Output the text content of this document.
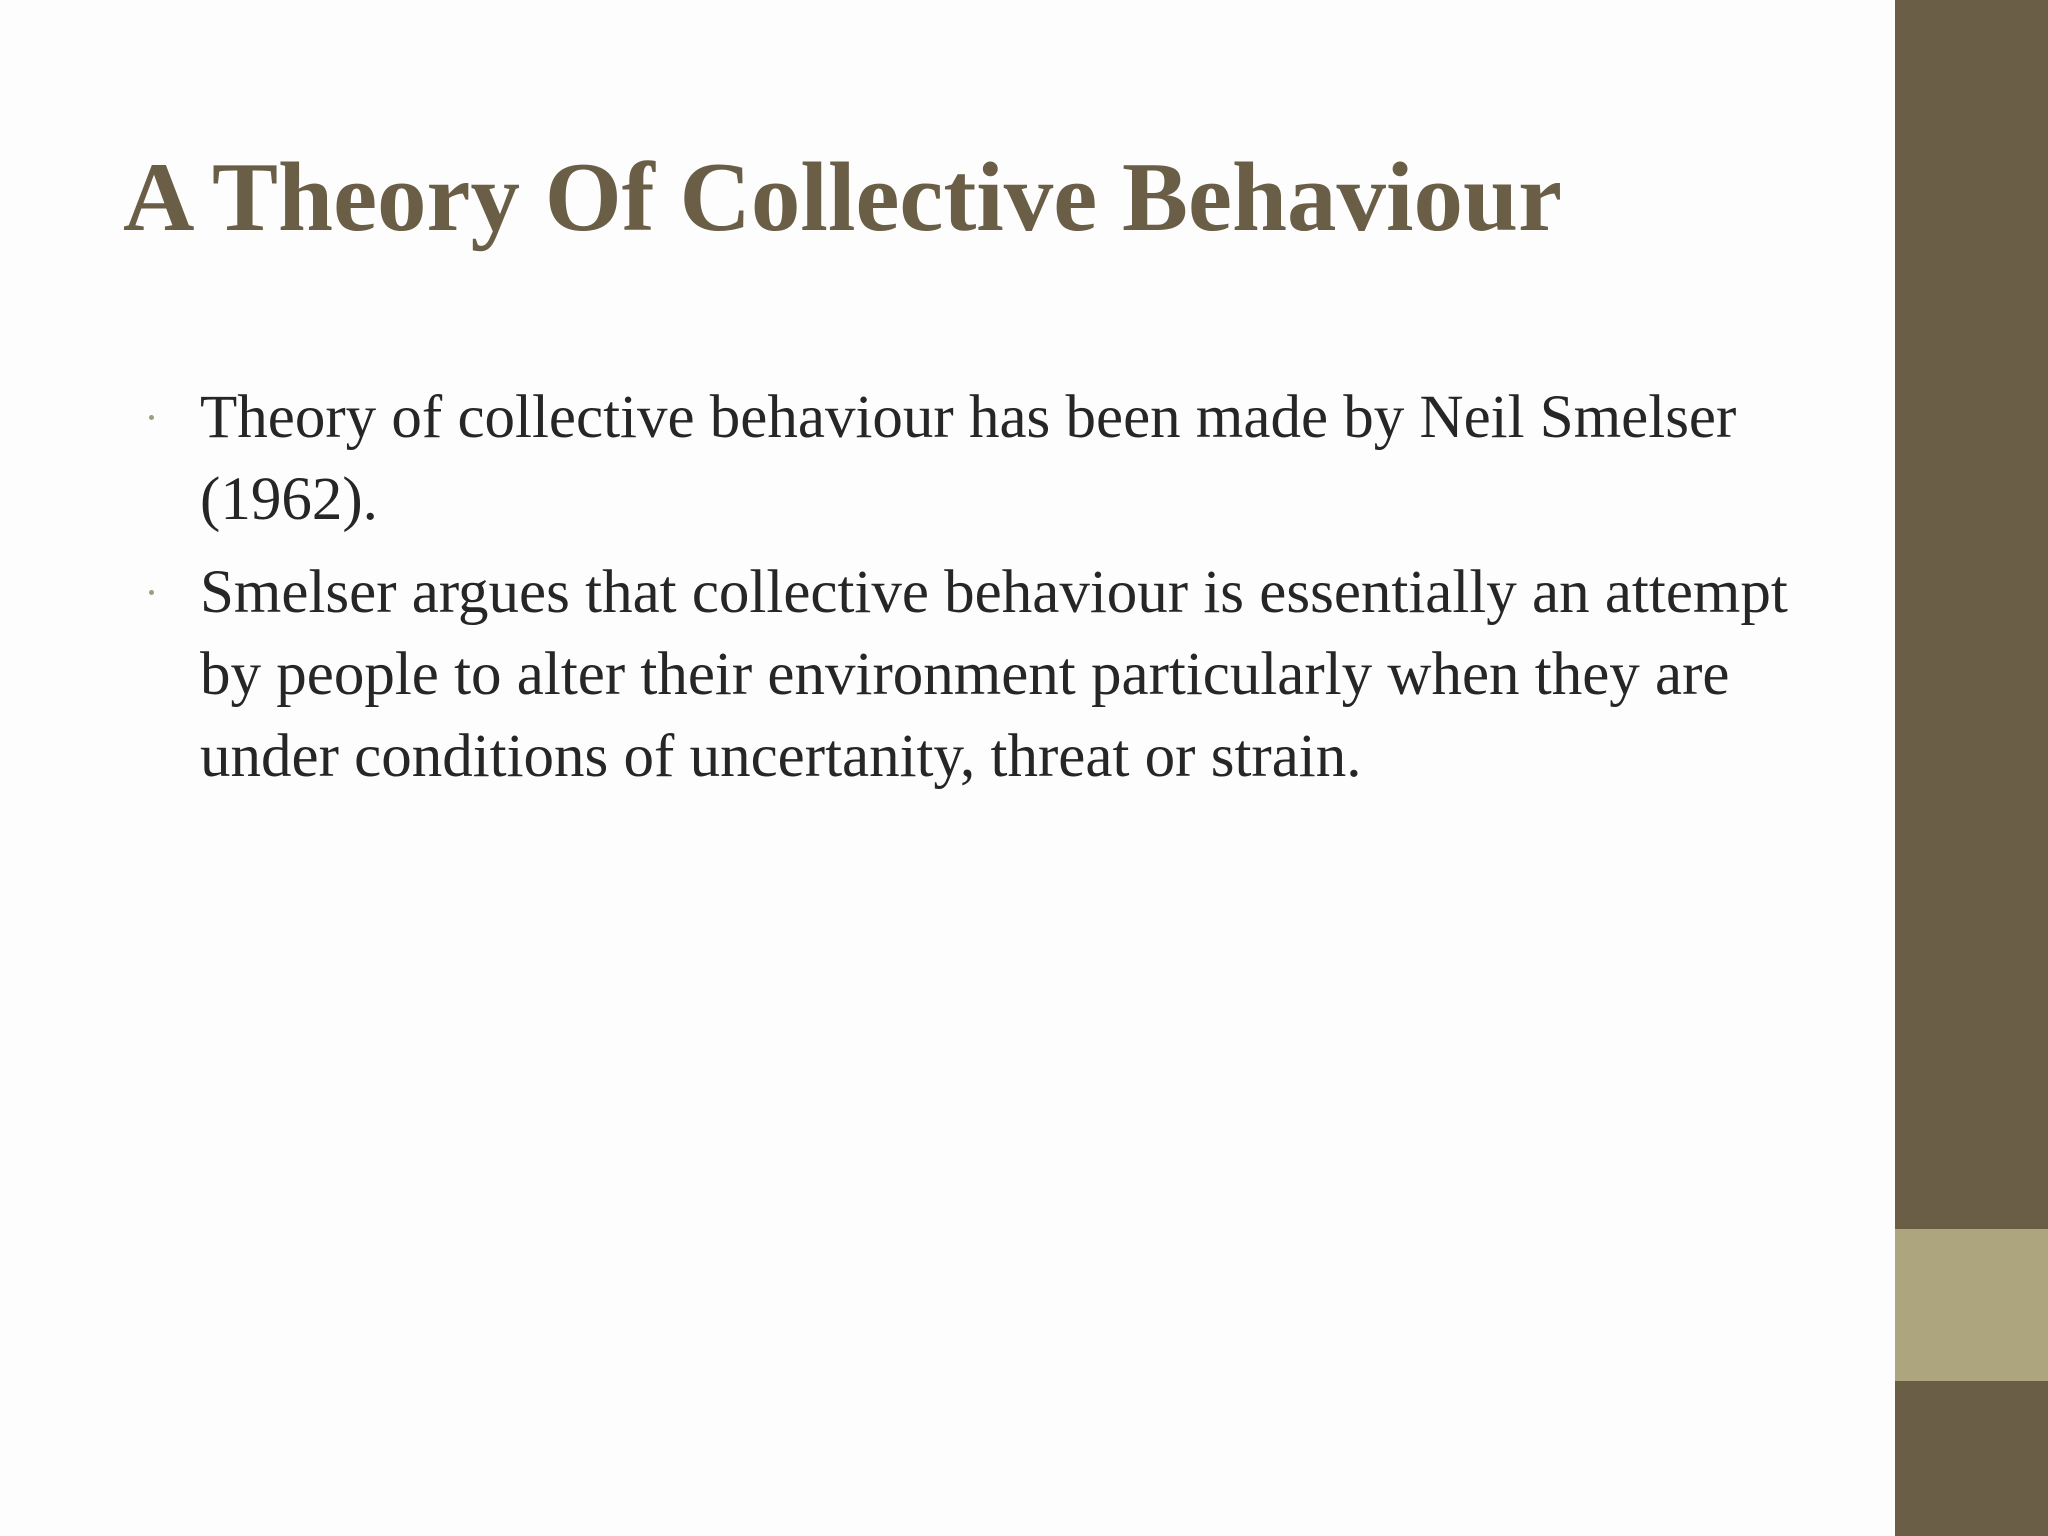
A Theory Of Collective Behaviour
Theory of collective behaviour has been made by Neil Smelser (1962).
Smelser argues that collective behaviour is essentially an attempt by people to alter their environment particularly when they are under conditions of uncertanity, threat or strain.
